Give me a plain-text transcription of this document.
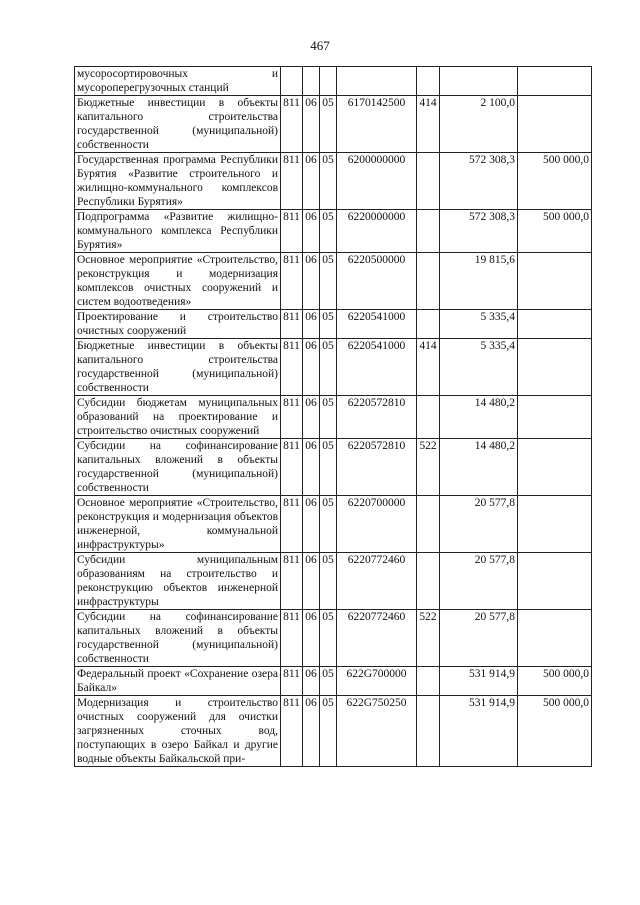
467
мусоросортировочных и мусороперегрузочных станций							
Бюджетные инвестиции в объекты капитального строительства государственной (муниципальной) собственности	811	06	05	6170142500	414	2 100,0	
Государственная программа Республики Бурятия «Развитие строительного и жилищно-коммунального комплексов Республики Бурятия»	811	06	05	6200000000		572 308,3	500 000,0
Подпрограмма «Развитие жилищно-коммунального комплекса Республики Бурятия»	811	06	05	6220000000		572 308,3	500 000,0
Основное мероприятие «Строительство, реконструкция и модернизация комплексов очистных сооружений и систем водоотведения»	811	06	05	6220500000		19 815,6	
Проектирование и строительство очистных сооружений	811	06	05	6220541000		5 335,4	
Бюджетные инвестиции в объекты капитального строительства государственной (муниципальной) собственности	811	06	05	6220541000	414	5 335,4	
Субсидии бюджетам муниципальных образований на проектирование и строительство очистных сооружений	811	06	05	6220572810		14 480,2	
Субсидии на софинансирование капитальных вложений в объекты государственной (муниципальной) собственности	811	06	05	6220572810	522	14 480,2	
Основное мероприятие «Строительство, реконструкция и модернизация объектов инженерной, коммунальной инфраструктуры»	811	06	05	6220700000		20 577,8	
Субсидии муниципальным образованиям на строительство и реконструкцию объектов инженерной инфраструктуры	811	06	05	6220772460		20 577,8	
Субсидии на софинансирование капитальных вложений в объекты государственной (муниципальной) собственности	811	06	05	6220772460	522	20 577,8	
Федеральный проект «Сохранение озера Байкал»	811	06	05	622G700000		531 914,9	500 000,0
Модернизация и строительство очистных сооружений для очистки загрязненных сточных вод, поступающих в озеро Байкал и другие водные объекты Байкальской при-	811	06	05	622G750250		531 914,9	500 000,0
